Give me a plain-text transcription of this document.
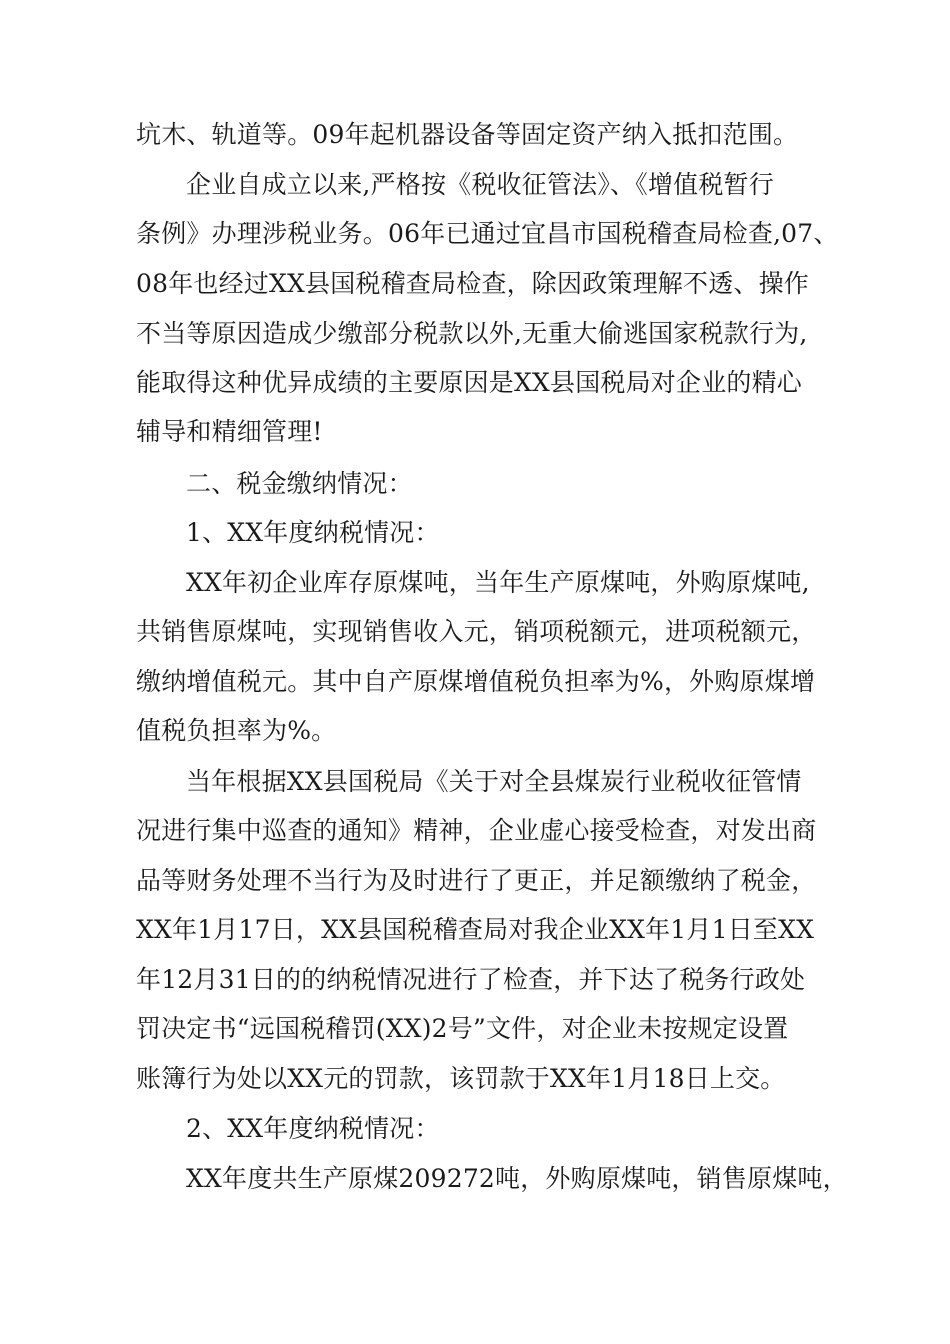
坑木、轨道等。09年起机器设备等固定资产纳入抵扣范围。
企业自成立以来,严格按《税收征管法》、《增值税暂行
条例》办理涉税业务。06年已通过宜昌市国税稽查局检查,07、
08年也经过XX县国税稽查局检查，除因政策理解不透、操作
不当等原因造成少缴部分税款以外,无重大偷逃国家税款行为,
能取得这种优异成绩的主要原因是XX县国税局对企业的精心
辅导和精细管理!
二、税金缴纳情况：
1、XX年度纳税情况：
XX年初企业库存原煤吨，当年生产原煤吨，外购原煤吨,
共销售原煤吨，实现销售收入元，销项税额元，进项税额元，
缴纳增值税元。其中自产原煤增值税负担率为%，外购原煤增
值税负担率为%。
当年根据XX县国税局《关于对全县煤炭行业税收征管情
况进行集中巡查的通知》精神，企业虚心接受检查，对发出商
品等财务处理不当行为及时进行了更正，并足额缴纳了税金，
XX年1月17日，XX县国税稽查局对我企业XX年1月1日至XX
年12月31日的的纳税情况进行了检查，并下达了税务行政处
罚决定书“远国税稽罚(XX)2号”文件，对企业未按规定设置
账簿行为处以XX元的罚款，该罚款于XX年1月18日上交。
2、XX年度纳税情况：
XX年度共生产原煤209272吨，外购原煤吨，销售原煤吨，
